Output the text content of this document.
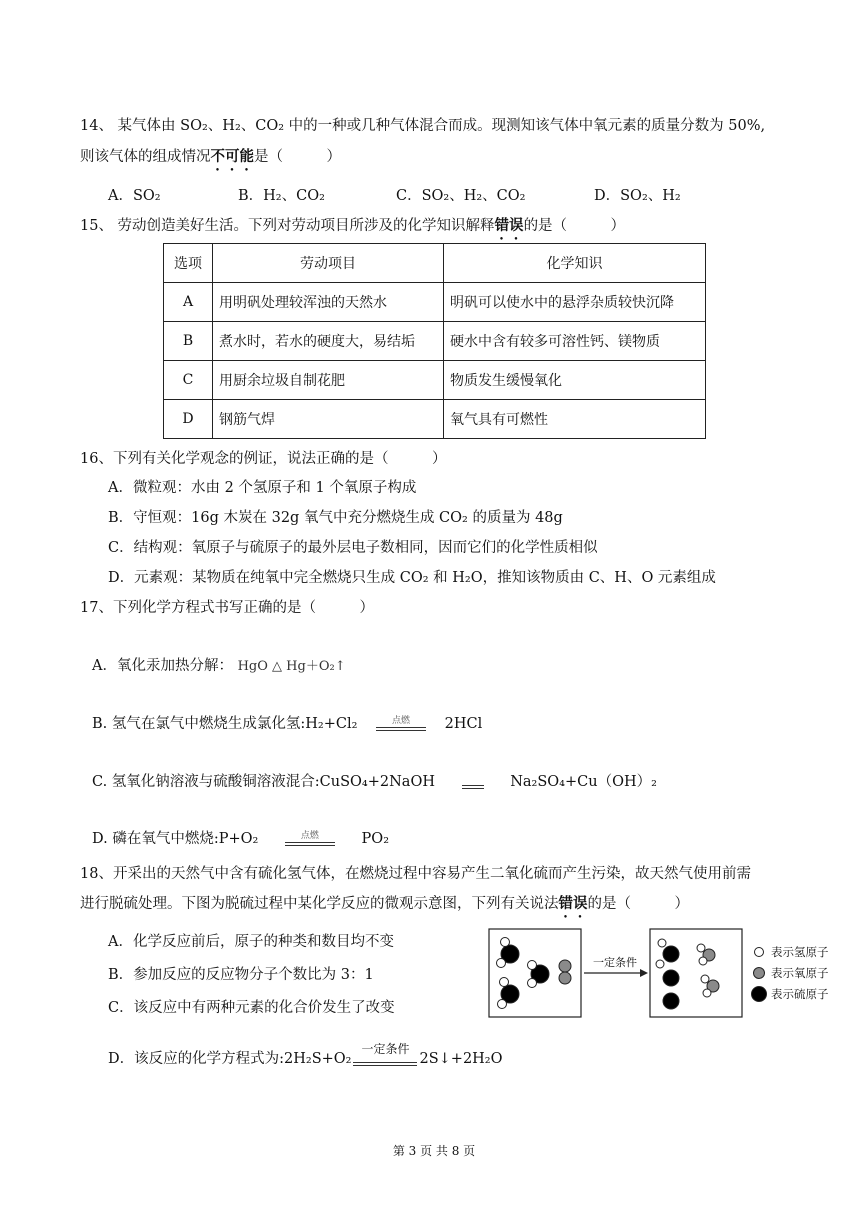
14、 某气体由 SO₂、H₂、CO₂ 中的一种或几种气体混合而成。现测知该气体中氧元素的质量分数为 50%,
则该气体的组成情况不可能是（　　　）
A．SO₂	B．H₂、CO₂	C．SO₂、H₂、CO₂	D．SO₂、H₂
15、 劳动创造美好生活。下列对劳动项目所涉及的化学知识解释错误的是（　　　）
选项	劳动项目	化学知识
A	用明矾处理较浑浊的天然水	明矾可以使水中的悬浮杂质较快沉降
B	煮水时，若水的硬度大，易结垢	硬水中含有较多可溶性钙、镁物质
C	用厨余垃圾自制花肥	物质发生缓慢氧化
D	钢筋气焊	氧气具有可燃性
16、下列有关化学观念的例证，说法正确的是（　　　）
A．微粒观：水由 2 个氢原子和 1 个氧原子构成
B．守恒观：16g 木炭在 32g 氧气中充分燃烧生成 CO₂ 的质量为 48g
C．结构观：氧原子与硫原子的最外层电子数相同，因而它们的化学性质相似
D．元素观：某物质在纯氧中完全燃烧只生成 CO₂ 和 H₂O，推知该物质由 C、H、O 元素组成
17、下列化学方程式书写正确的是（　　　）
A．氧化汞加热分解： HgO △ Hg＋O₂↑
B. 氢气在氯气中燃烧生成氯化氢:H₂+Cl₂	点燃	2HCl
C. 氢氧化钠溶液与硫酸铜溶液混合:CuSO₄+2NaOH	Na₂SO₄+Cu（OH）₂
D. 磷在氧气中燃烧:P+O₂	点燃	PO₂
18、开采出的天然气中含有硫化氢气体，在燃烧过程中容易产生二氧化硫而产生污染，故天然气使用前需
进行脱硫处理。下图为脱硫过程中某化学反应的微观示意图，下列有关说法错误的是（　　　）
A．化学反应前后，原子的种类和数目均不变
B．参加反应的反应物分子个数比为 3：1
C．该反应中有两种元素的化合价发生了改变
D．该反应的化学方程式为:2H₂S+O₂
一定条件
2S↓+2H₂O
一定条件
表示氢原子
表示氧原子
表示硫原子
第 3 页 共 8 页
